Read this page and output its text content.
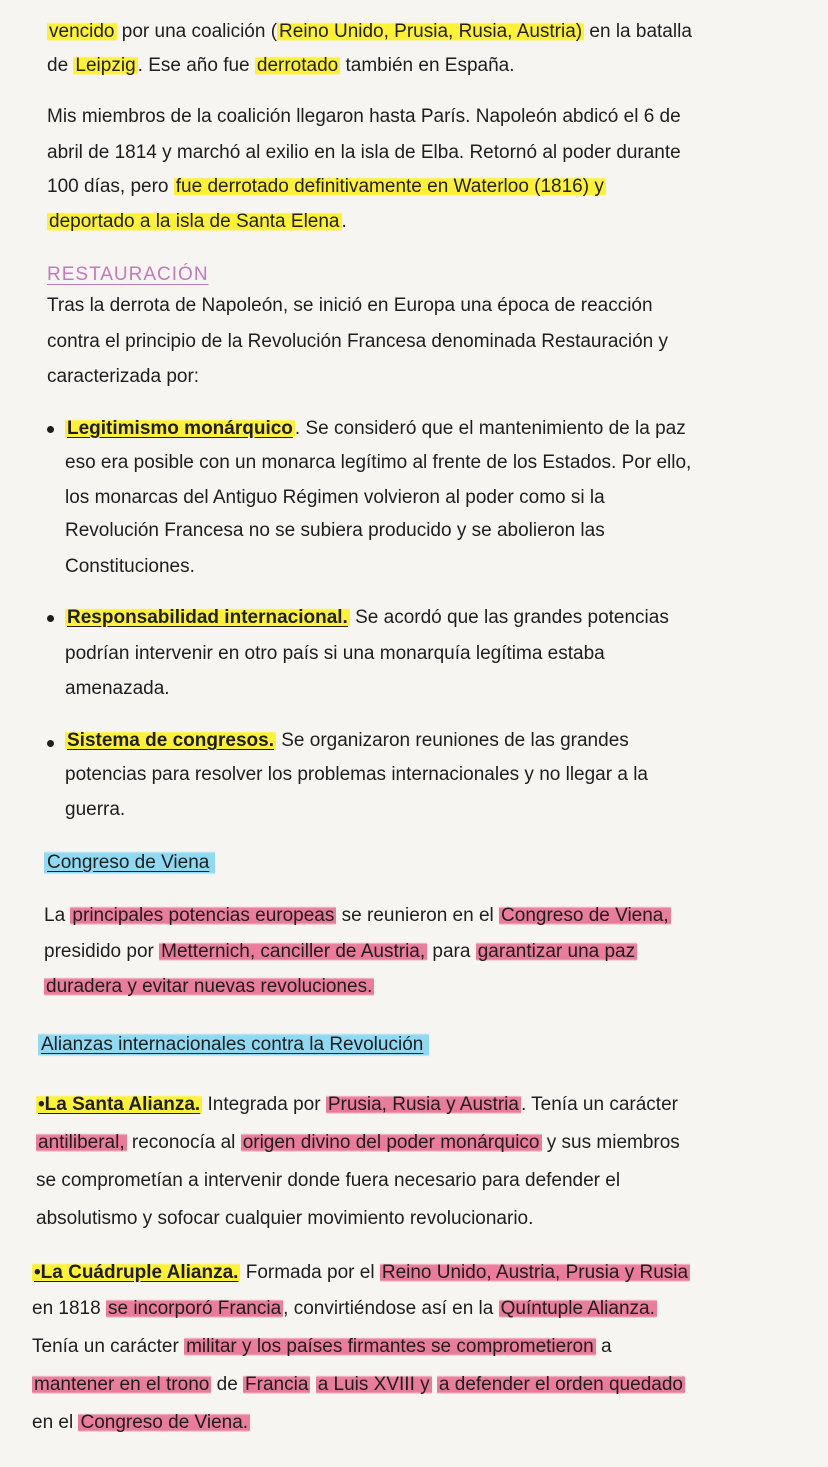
vencido por una coalición ( Reino Unido, Prusia, Rusia, Austria) en la batalla
de Leipzig . Ese año fue derrotado también en España.
Mis miembros de la coalición llegaron hasta París. Napoleón abdicó el 6 de
abril de 1814 y marchó al exilio en la isla de Elba. Retornó al poder durante
100 días, pero fue derrotado definitivamente en Waterloo (1816) y
deportado a la isla de Santa Elena .
RESTAURACIÓN
Tras la derrota de Napoleón, se inició en Europa una época de reacción
contra el principio de la Revolución Francesa denominada Restauración y
caracterizada por:
Legitimismo monárquico . Se consideró que el mantenimiento de la paz
eso era posible con un monarca legítimo al frente de los Estados. Por ello,
los monarcas del Antiguo Régimen volvieron al poder como si la
Revolución Francesa no se subiera producido y se abolieron las
Constituciones.
Responsabilidad internacional. Se acordó que las grandes potencias
podrían intervenir en otro país si una monarquía legítima estaba
amenazada.
Sistema de congresos. Se organizaron reuniones de las grandes
potencias para resolver los problemas internacionales y no llegar a la
guerra.
Congreso de Viena
La principales potencias europeas se reunieron en el Congreso de Viena,
presidido por Metternich, canciller de Austria, para garantizar una paz
duradera y evitar nuevas revoluciones.
Alianzas internacionales contra la Revolución
•La Santa Alianza. Integrada por Prusia, Rusia y Austria . Tenía un carácter
antiliberal, reconocía al origen divino del poder monárquico y sus miembros
se comprometían a intervenir donde fuera necesario para defender el
absolutismo y sofocar cualquier movimiento revolucionario.
•La Cuádruple Alianza. Formada por el Reino Unido, Austria, Prusia y Rusia
en 1818 se incorporó Francia , convirtiéndose así en la Quíntuple Alianza.
Tenía un carácter militar y los países firmantes se comprometieron a
mantener en el trono de Francia a Luis XVIII y a defender el orden quedado
en el Congreso de Viena.
